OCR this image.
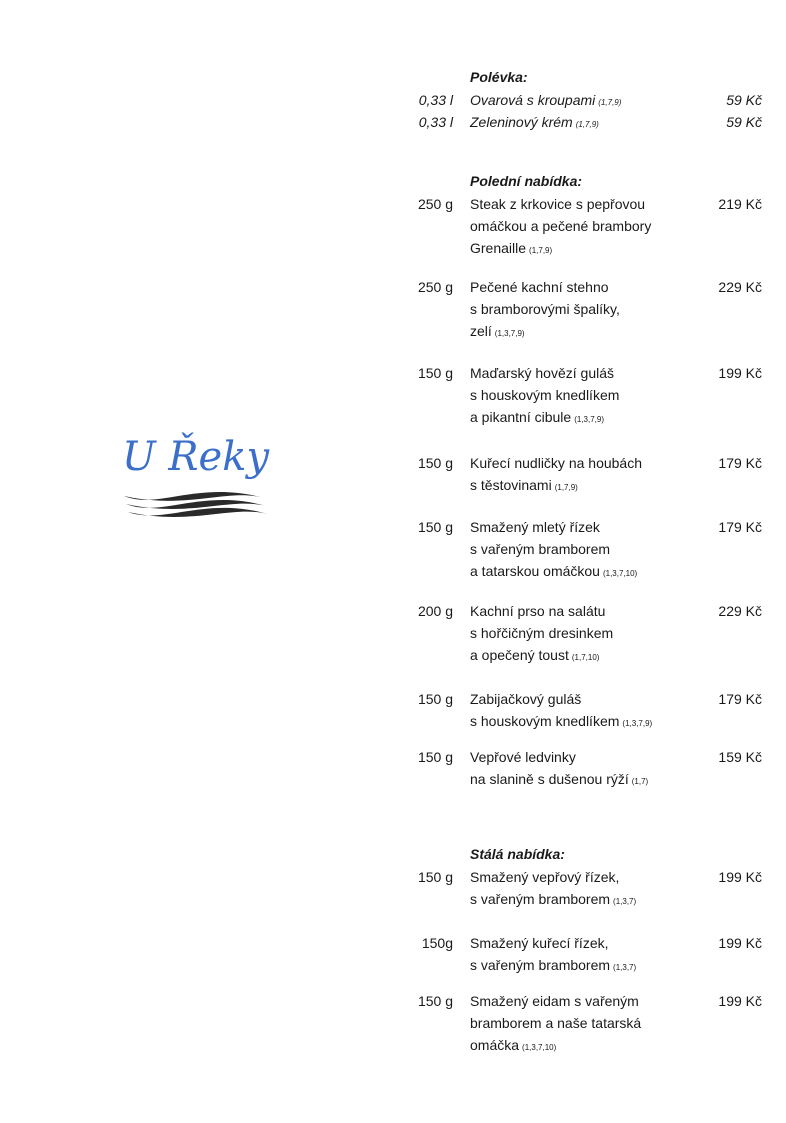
U Řeky
Polévka:
0,33 l Ovarová s kroupami (1,7,9)	59 Kč
0,33 l Zeleninový krém (1,7,9)	59 Kč
Polední nabídka:
250 g Steak z krkovice s pepřovou
omáčkou a pečené brambory
Grenaille (1,7,9)
219 Kč
250 g Pečené kachní stehno
s bramborovými špalíky,
zelí (1,3,7,9)
229 Kč
150 g Maďarský hovězí guláš
s houskovým knedlíkem
a pikantní cibule (1,3,7,9)
199 Kč
150 g Kuřecí nudličky na houbách
s těstovinami (1,7,9)
179 Kč
150 g Smažený mletý řízek
s vařeným bramborem
a tatarskou omáčkou (1,3,7,10)
179 Kč
200 g Kachní prso na salátu
s hořčičným dresinkem
a opečený toust (1,7,10)
229 Kč
150 g Zabijačkový guláš
s houskovým knedlíkem (1,3,7,9)
179 Kč
150 g Vepřové ledvinky
na slanině s dušenou rýží (1,7)
159 Kč
Stálá nabídka:
150 g Smažený vepřový řízek,
s vařeným bramborem (1,3,7)
199 Kč
150g Smažený kuřecí řízek,
s vařeným bramborem (1,3,7)
199 Kč
150 g Smažený eidam s vařeným
bramborem a naše tatarská
omáčka (1,3,7,10)
199 Kč
